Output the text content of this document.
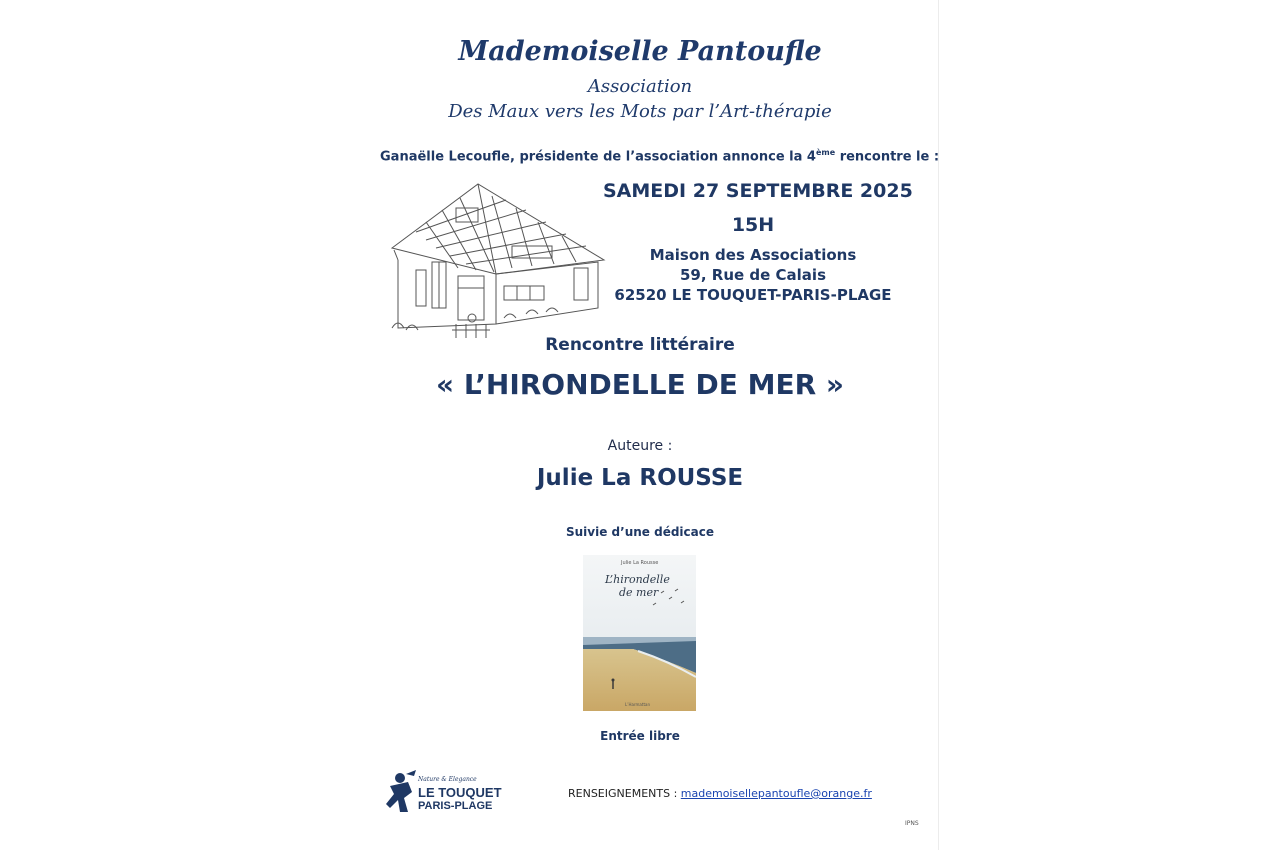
Mademoiselle Pantoufle
Association
Des Maux vers les Mots par l’Art-thérapie
Ganaëlle Lecoufle, présidente de l’association annonce la 4ème rencontre le :
SAMEDI 27 SEPTEMBRE 2025
15H
Maison des Associations
59, Rue de Calais
62520 LE TOUQUET-PARIS-PLAGE
Rencontre littéraire
« L’HIRONDELLE DE MER »
Auteure :
Julie La ROUSSE
Suivie d’une dédicace
Julie La Rousse
L’hirondelle
de mer
L’Harmattan
Entrée libre
Nature & Elegance
LE TOUQUET
PARIS-PLAGE
RENSEIGNEMENTS : mademoisellepantoufle@orange.fr
IPNS
